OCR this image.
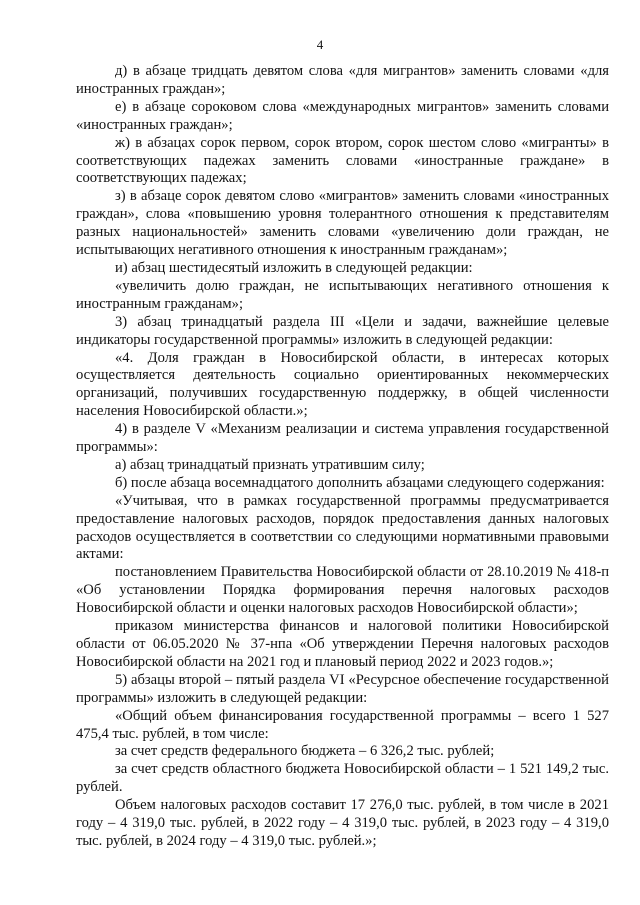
4

д) в абзаце тридцать девятом слова «для мигрантов» заменить словами «для иностранных граждан»;

е) в абзаце сороковом слова «международных мигрантов» заменить словами «иностранных граждан»;

ж) в абзацах сорок первом, сорок втором, сорок шестом слово «мигранты» в соответствующих падежах заменить словами «иностранные граждане» в соответствующих падежах;

з) в абзаце сорок девятом слово «мигрантов» заменить словами «иностранных граждан», слова «повышению уровня толерантного отношения к представителям разных национальностей» заменить словами «увеличению доли граждан, не испытывающих негативного отношения к иностранным гражданам»;

и) абзац шестидесятый изложить в следующей редакции:

«увеличить долю граждан, не испытывающих негативного отношения к иностранным гражданам»;

3) абзац тринадцатый раздела III «Цели и задачи, важнейшие целевые индикаторы государственной программы» изложить в следующей редакции:

«4. Доля граждан в Новосибирской области, в интересах которых осуществляется деятельность социально ориентированных некоммерческих организаций, получивших государственную поддержку, в общей численности населения Новосибирской области.»;

4) в разделе V «Механизм реализации и система управления государственной программы»:

а) абзац тринадцатый признать утратившим силу;

б) после абзаца восемнадцатого дополнить абзацами следующего содержания:

«Учитывая, что в рамках государственной программы предусматривается предоставление налоговых расходов, порядок предоставления данных налоговых расходов осуществляется в соответствии со следующими нормативными правовыми актами:

постановлением Правительства Новосибирской области от 28.10.2019 № 418-п «Об установлении Порядка формирования перечня налоговых расходов Новосибирской области и оценки налоговых расходов Новосибирской области»;

приказом министерства финансов и налоговой политики Новосибирской области от 06.05.2020 № 37-нпа «Об утверждении Перечня налоговых расходов Новосибирской области на 2021 год и плановый период 2022 и 2023 годов.»;

5) абзацы второй – пятый раздела VI «Ресурсное обеспечение государственной программы» изложить в следующей редакции:

«Общий объем финансирования государственной программы – всего 1 527 475,4 тыс. рублей, в том числе:

за счет средств федерального бюджета – 6 326,2 тыс. рублей;

за счет средств областного бюджета Новосибирской области – 1 521 149,2 тыс. рублей.

Объем налоговых расходов составит 17 276,0 тыс. рублей, в том числе в 2021 году – 4 319,0 тыс. рублей, в 2022 году – 4 319,0 тыс. рублей, в 2023 году – 4 319,0 тыс. рублей, в 2024 году – 4 319,0 тыс. рублей.»;
